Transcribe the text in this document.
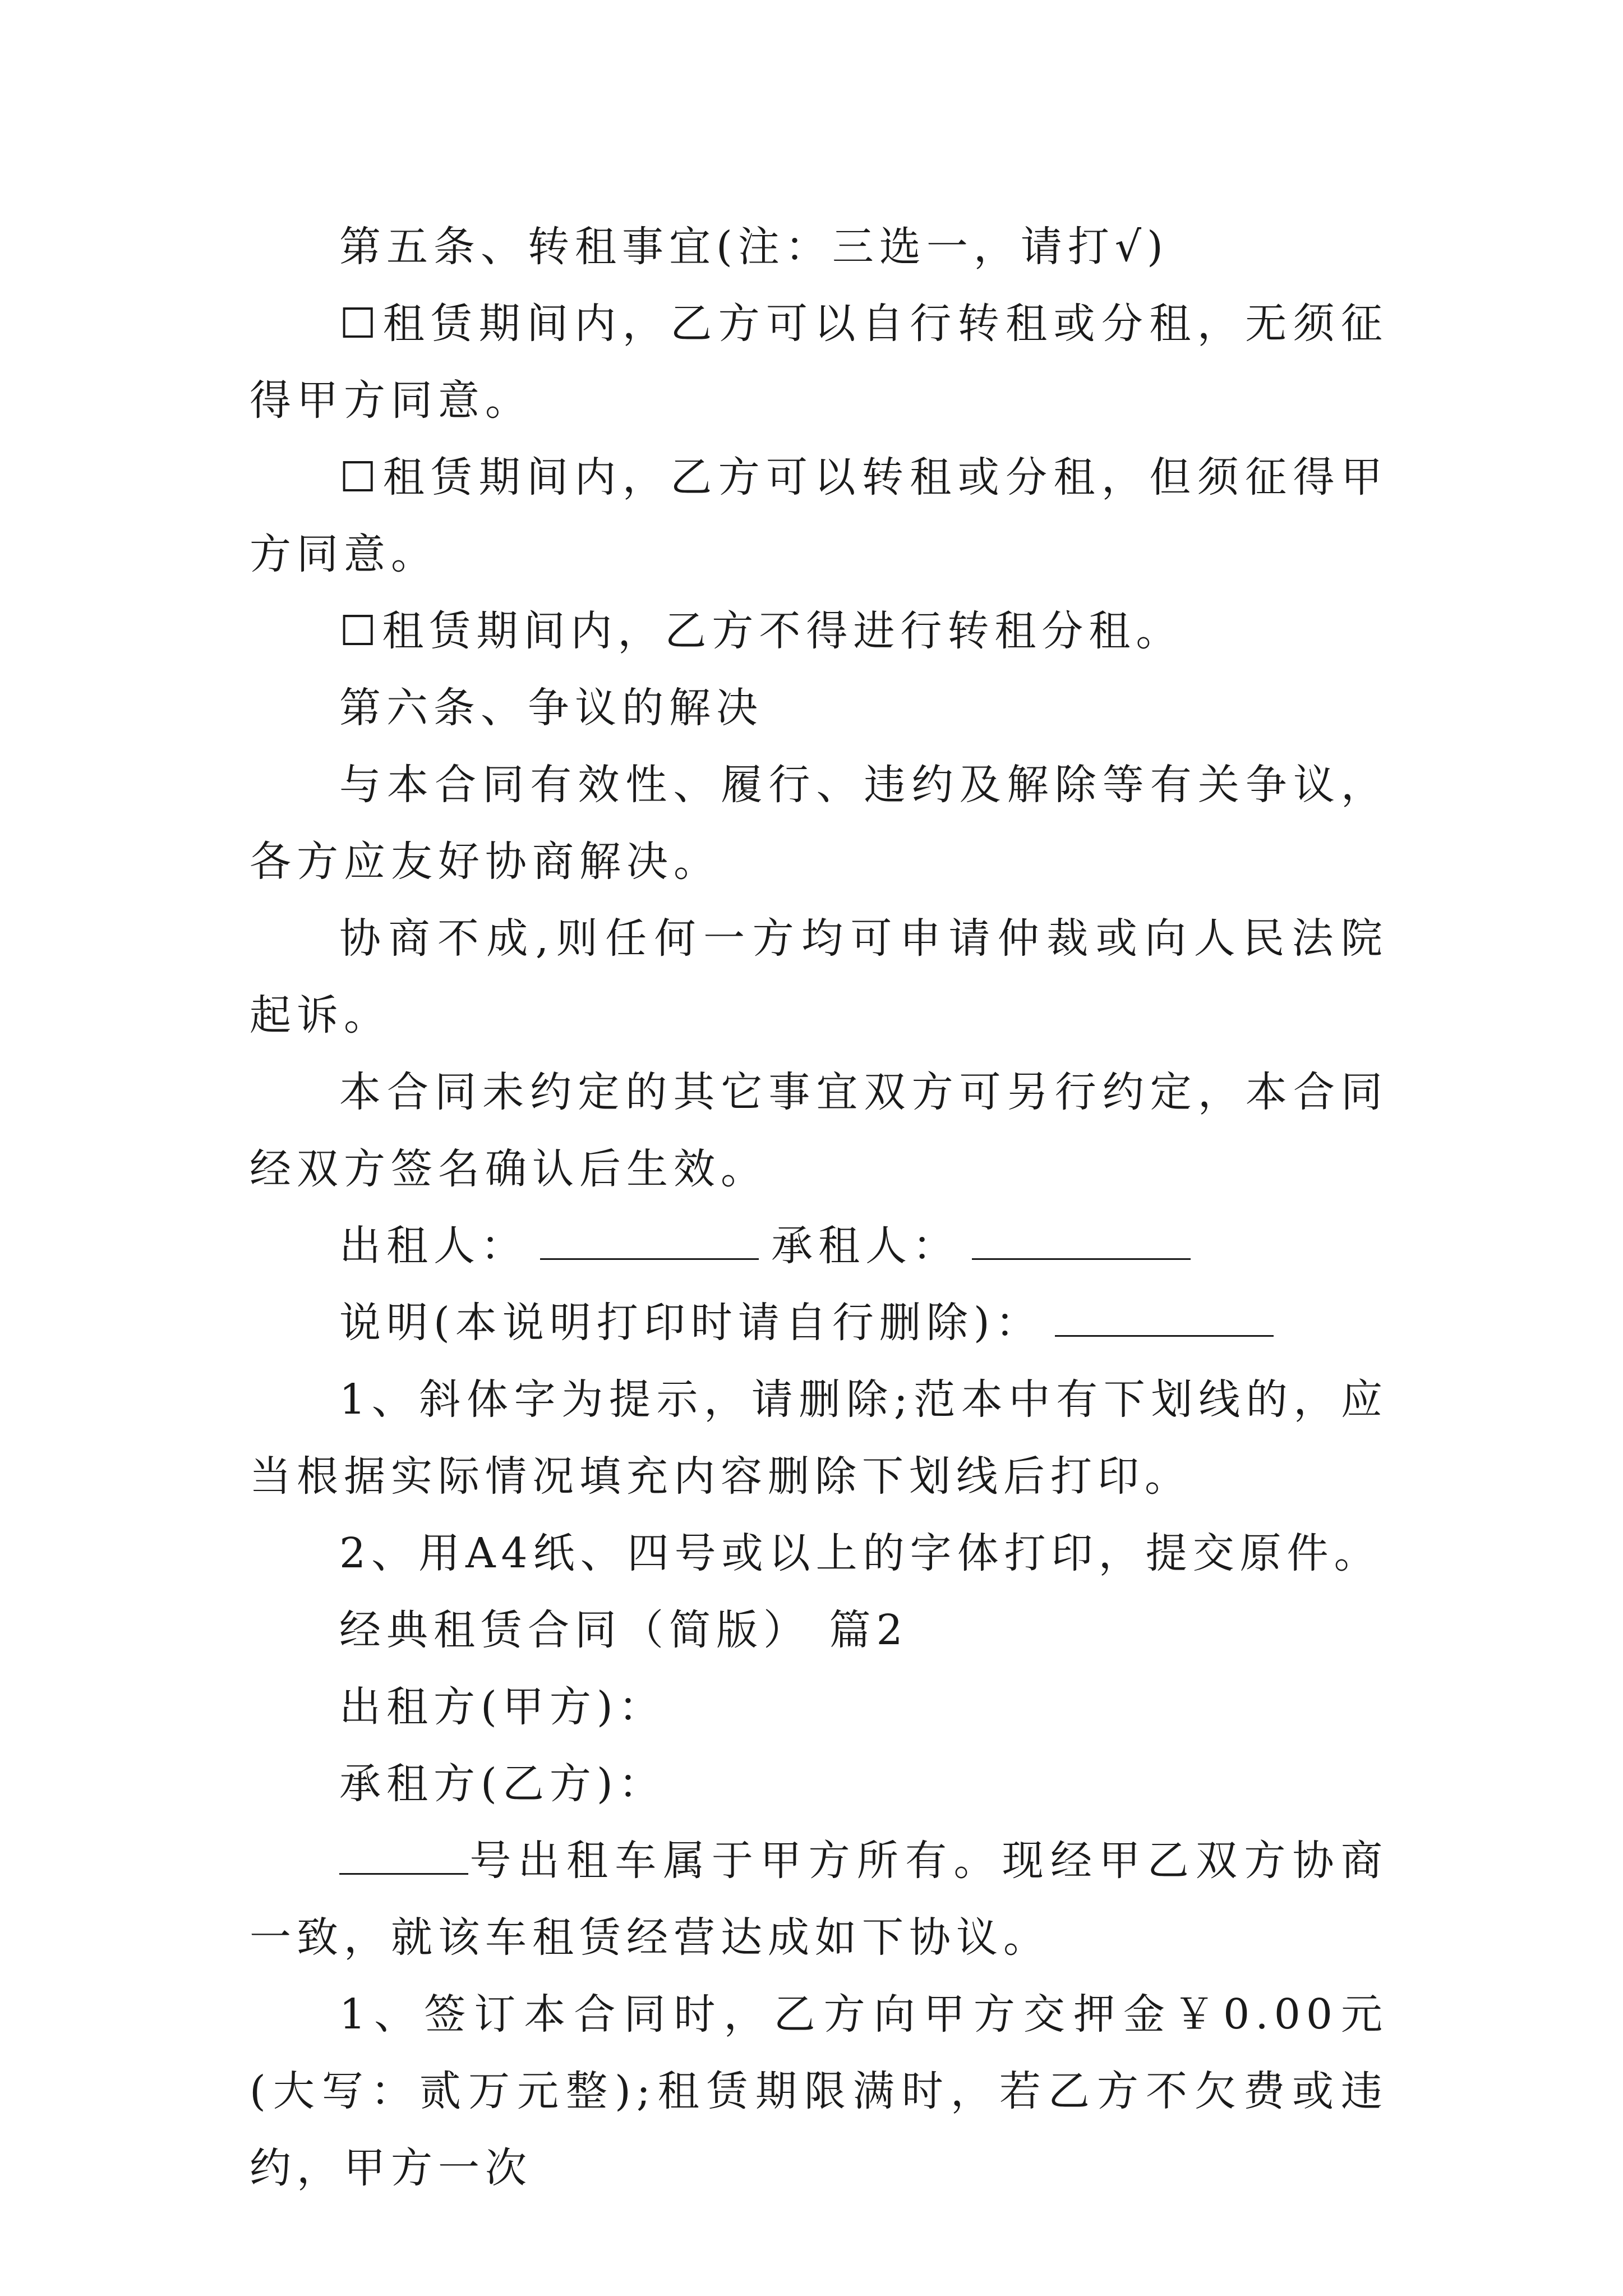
第五条、转租事宜(注：三选一，请打√)

☐租赁期间内，乙方可以自行转租或分租，无须征得甲方同意。

☐租赁期间内，乙方可以转租或分租，但须征得甲方同意。

☐租赁期间内，乙方不得进行转租分租。

第六条、争议的解决

与本合同有效性、履行、违约及解除等有关争议，各方应友好协商解决。

协商不成,则任何一方均可申请仲裁或向人民法院起诉。

本合同未约定的其它事宜双方可另行约定，本合同经双方签名确认后生效。

出租人：	承租人：

说明(本说明打印时请自行删除)：

1、斜体字为提示，请删除;范本中有下划线的，应当根据实际情况填充内容删除下划线后打印。

2、用A4纸、四号或以上的字体打印，提交原件。

经典租赁合同（简版） 篇2

出租方(甲方)：

承租方(乙方)：

号出租车属于甲方所有。现经甲乙双方协商一致，就该车租赁经营达成如下协议。

1、签订本合同时，乙方向甲方交押金￥0.00元(大写：贰万元整);租赁期限满时，若乙方不欠费或违约，甲方一次
